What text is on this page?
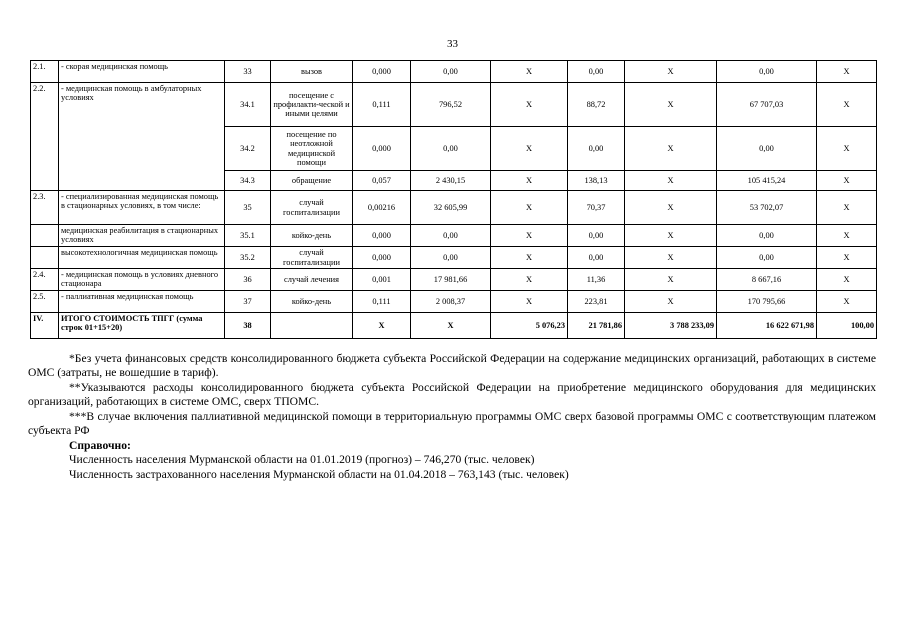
33
2.1.	- скорая медицинская помощь	33	вызов	0,000	0,00	X	0,00	X	0,00	X
2.2.	- медицинская помощь в амбулаторных условиях	34.1	посещение с профилакти-ческой и иными целями	0,111	796,52	X	88,72	X	67 707,03	X
		34.2	посещение по неотложной медицинской помощи	0,000	0,00	X	0,00	X	0,00	X
		34.3	обращение	0,057	2 430,15	X	138,13	X	105 415,24	X
2.3.	- специализированная медицинская помощь в стационарных условиях, в том числе:	35	случай госпитализации	0,00216	32 605,99	X	70,37	X	53 702,07	X
	медицинская реабилитация в стационарных условиях	35.1	койко-день	0,000	0,00	X	0,00	X	0,00	X
	высокотехнологичная медицинская помощь	35.2	случай госпитализации	0,000	0,00	X	0,00	X	0,00	X
2.4.	- медицинская помощь в условиях дневного стационара	36	случай лечения	0,001	17 981,66	X	11,36	X	8 667,16	X
2.5.	- паллиативная медицинская помощь	37	койко-день	0,111	2 008,37	X	223,81	X	170 795,66	X
IV.	ИТОГО СТОИМОСТЬ ТПГГ (сумма строк 01+15+20)	38		X	X	5 076,23	21 781,86	3 788 233,09	16 622 671,98	100,00

*Без учета финансовых средств консолидированного бюджета субъекта Российской Федерации на содержание медицинских организаций, работающих в системе ОМС (затраты, не вошедшие в тариф).

**Указываются расходы консолидированного бюджета субъекта Российской Федерации на приобретение медицинского оборудования для медицинских организаций, работающих в системе ОМС, сверх ТПОМС.

***В случае включения паллиативной медицинской помощи в территориальную программы ОМС сверх базовой программы ОМС с соответствующим платежом субъекта РФ

Справочно:

Численность населения Мурманской области на 01.01.2019 (прогноз) – 746,270 (тыс. человек)

Численность застрахованного населения Мурманской области на 01.04.2018 – 763,143 (тыс. человек)
